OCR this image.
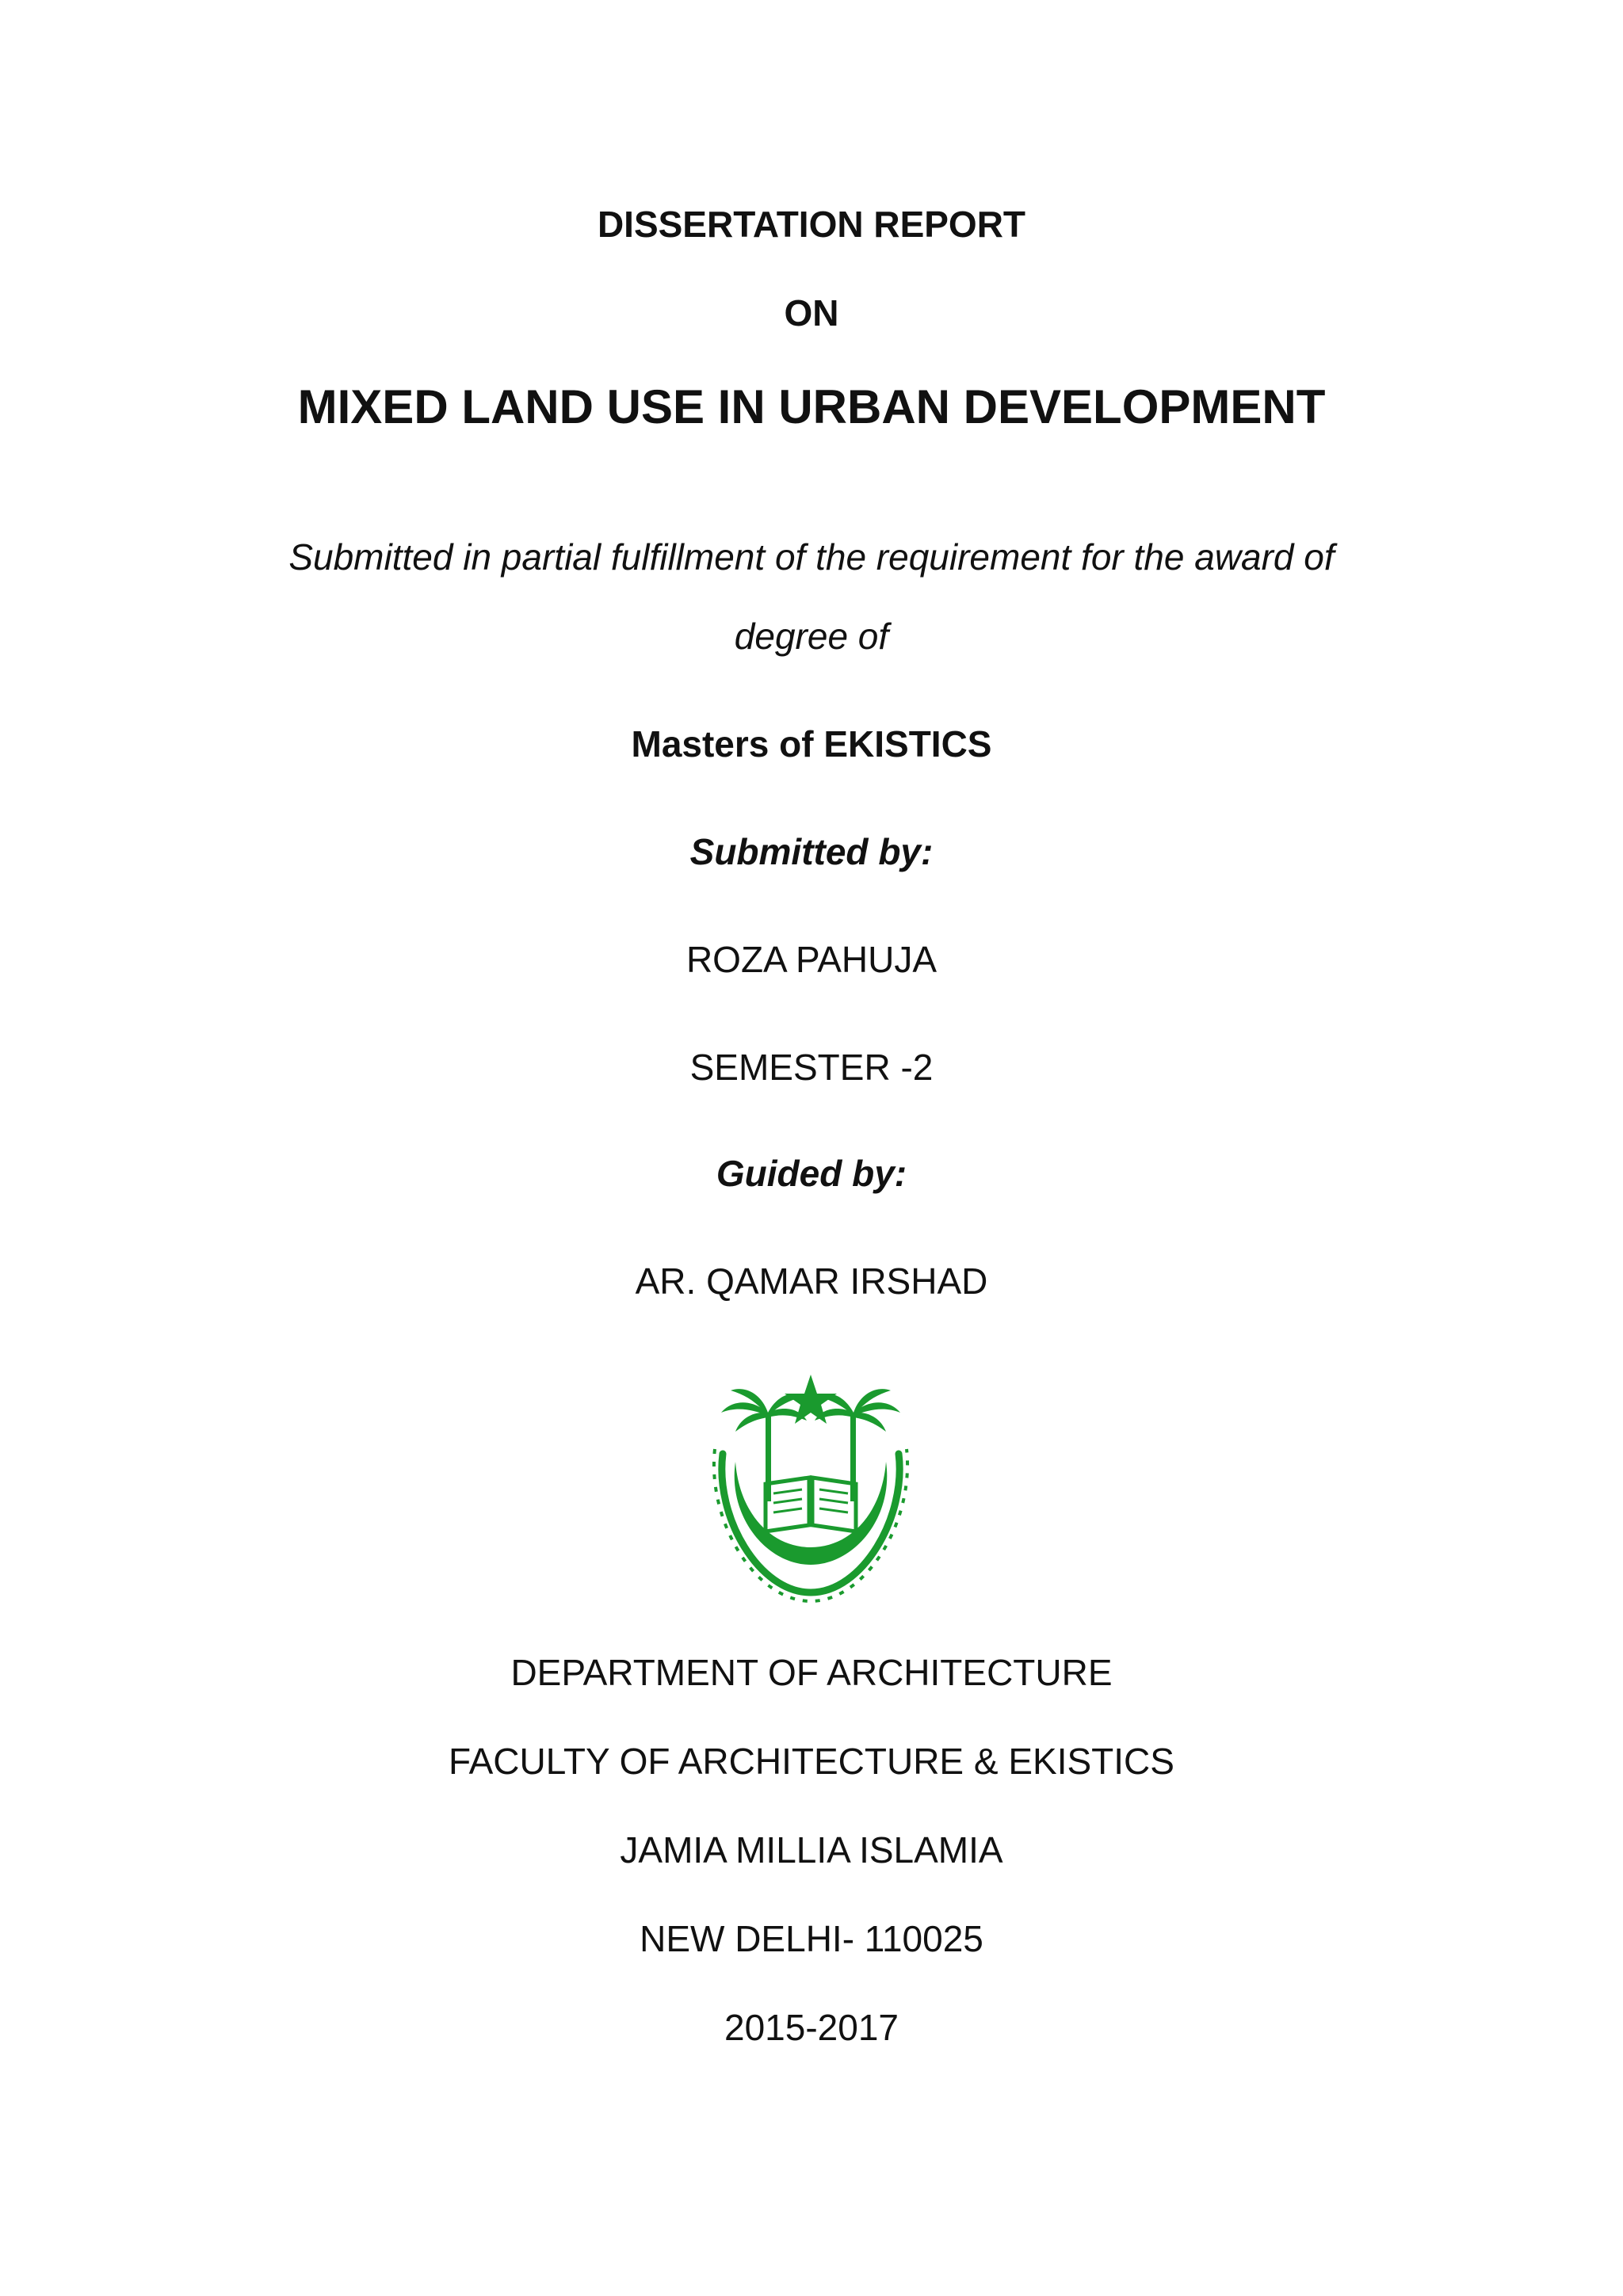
DISSERTATION REPORT
ON
MIXED LAND USE IN URBAN DEVELOPMENT
Submitted in partial fulfillment of the requirement for the award of
degree of
Masters of EKISTICS
Submitted by:
ROZA PAHUJA
SEMESTER -2
Guided by:
AR. QAMAR IRSHAD
DEPARTMENT OF ARCHITECTURE
FACULTY OF ARCHITECTURE & EKISTICS
JAMIA MILLIA ISLAMIA
NEW DELHI- 110025
2015-2017
